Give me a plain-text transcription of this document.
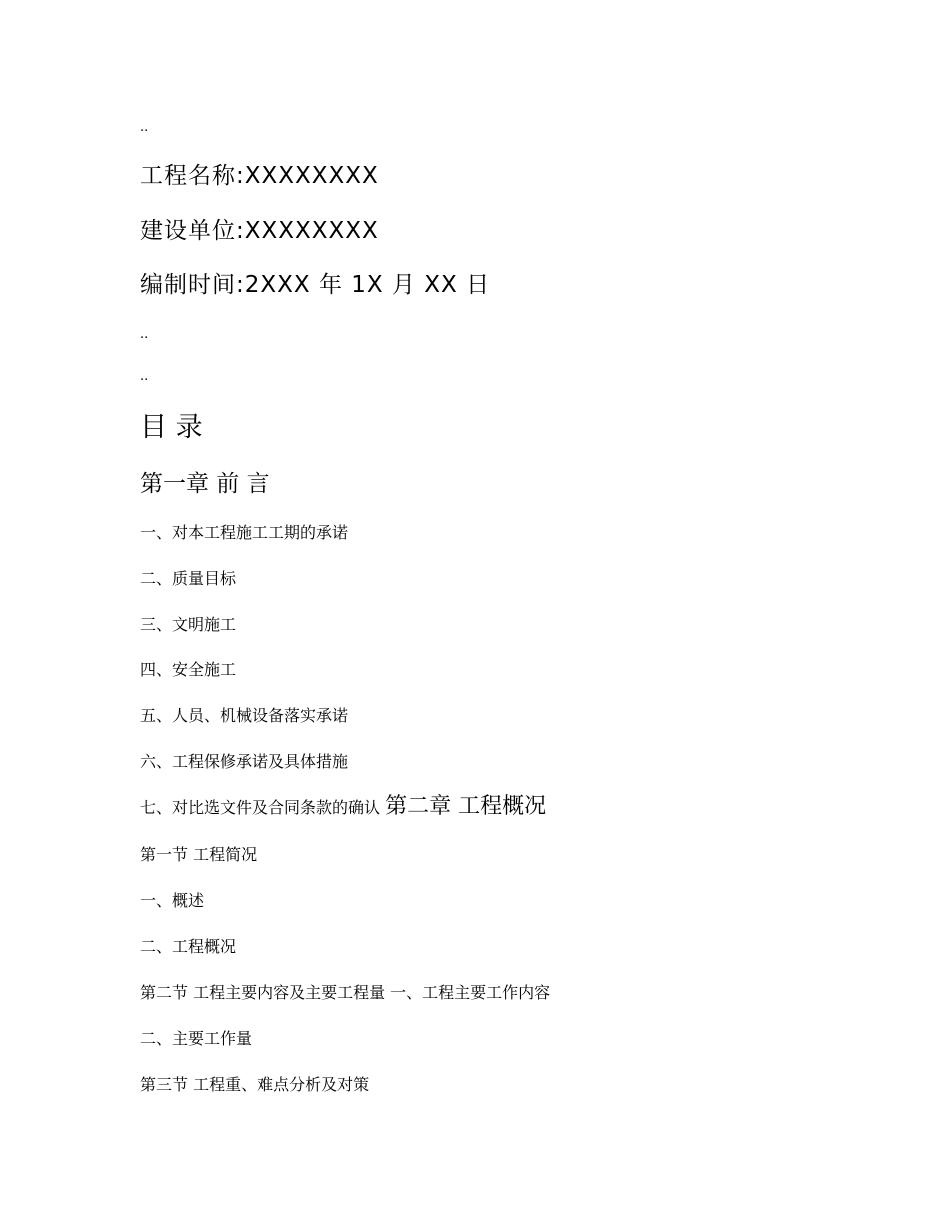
..
工程名称:XXXXXXXX
建设单位:XXXXXXXX
编制时间:2XXX 年 1X 月 XX 日
..
..
目 录
第一章 前 言
一、对本工程施工工期的承诺
二、质量目标
三、文明施工
四、安全施工
五、人员、机械设备落实承诺
六、工程保修承诺及具体措施
七、对比选文件及合同条款的确认 第二章 工程概况
第一节 工程简况
一、概述
二、工程概况
第二节 工程主要内容及主要工程量 一、工程主要工作内容
二、主要工作量
第三节 工程重、难点分析及对策
